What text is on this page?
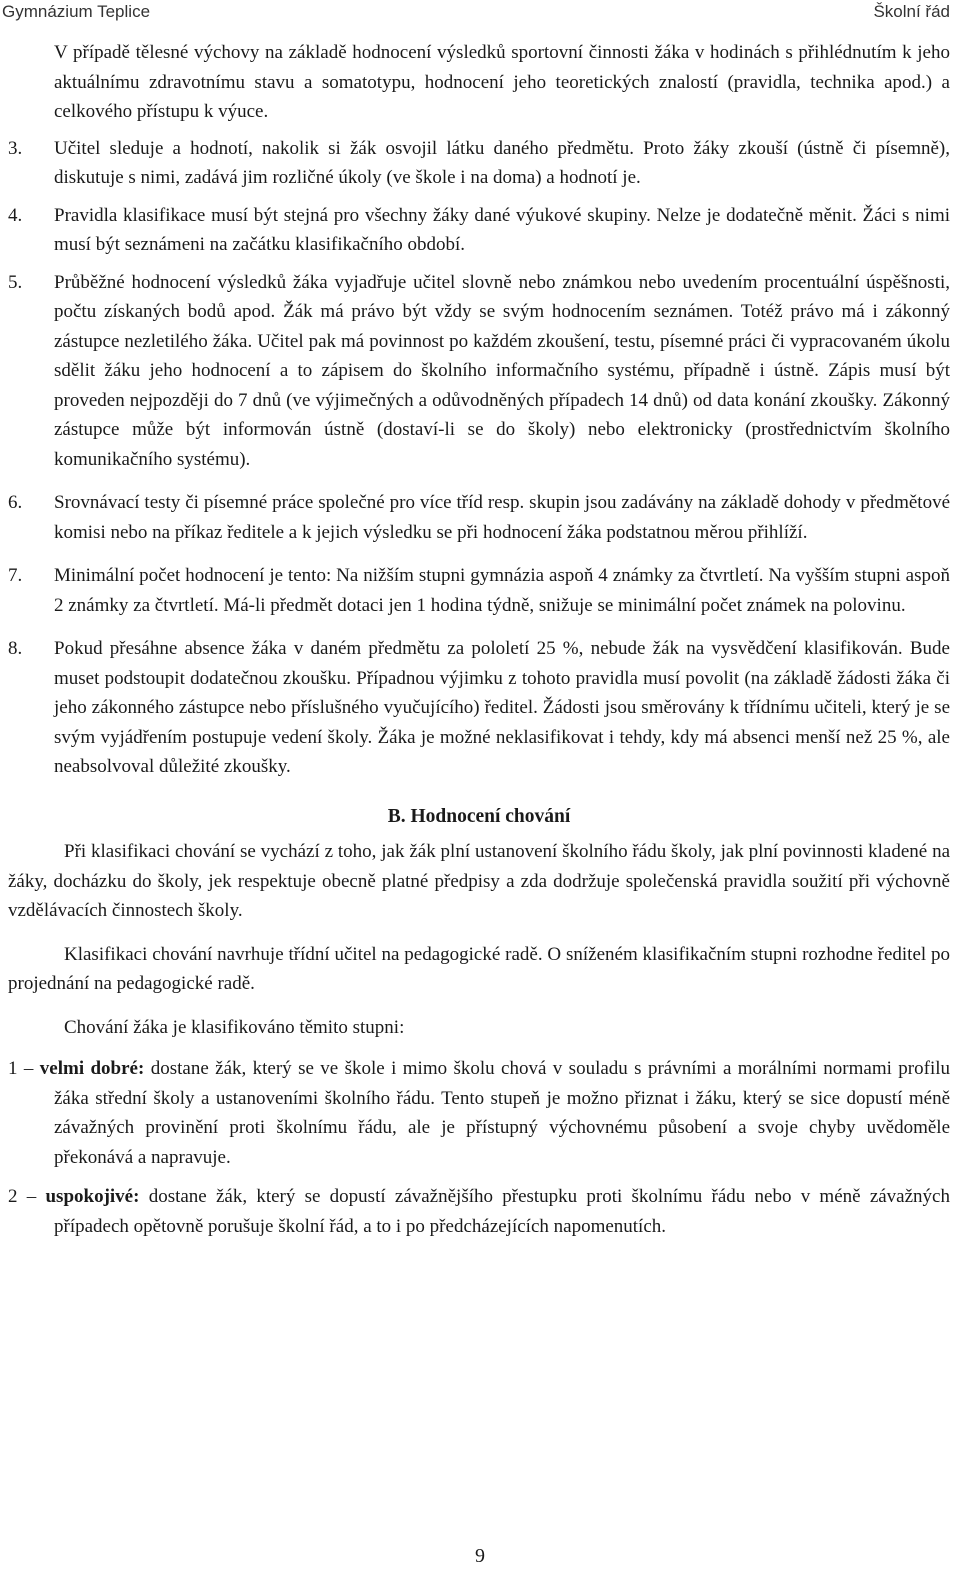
Gymnázium Teplice	Školní řád

V případě tělesné výchovy na základě hodnocení výsledků sportovní činnosti žáka v hodinách s přihlédnutím k jeho aktuálnímu zdravotnímu stavu a somatotypu, hodnocení jeho teoretických znalostí (pravidla, technika apod.) a celkového přístupu k výuce.

3. Učitel sleduje a hodnotí, nakolik si žák osvojil látku daného předmětu. Proto žáky zkouší (ústně či písemně), diskutuje s nimi, zadává jim rozličné úkoly (ve škole i na doma) a hodnotí je.
4. Pravidla klasifikace musí být stejná pro všechny žáky dané výukové skupiny. Nelze je dodatečně měnit. Žáci s nimi musí být seznámeni na začátku klasifikačního období.
5. Průběžné hodnocení výsledků žáka vyjadřuje učitel slovně nebo známkou nebo uvedením procentuální úspěšnosti, počtu získaných bodů apod. Žák má právo být vždy se svým hodnocením seznámen. Totéž právo má i zákonný zástupce nezletilého žáka. Učitel pak má povinnost po každém zkoušení, testu, písemné práci či vypracovaném úkolu sdělit žáku jeho hodnocení a to zápisem do školního informačního systému, případně i ústně. Zápis musí být proveden nejpozději do 7 dnů (ve výjimečných a odůvodněných případech 14 dnů) od data konání zkoušky. Zákonný zástupce může být informován ústně (dostaví-li se do školy) nebo elektronicky (prostřednictvím školního komunikačního systému).
6. Srovnávací testy či písemné práce společné pro více tříd resp. skupin jsou zadávány na základě dohody v předmětové komisi nebo na příkaz ředitele a k jejich výsledku se při hodnocení žáka podstatnou měrou přihlíží.
7. Minimální počet hodnocení je tento: Na nižším stupni gymnázia aspoň 4 známky za čtvrtletí. Na vyšším stupni aspoň 2 známky za čtvrtletí. Má-li předmět dotaci jen 1 hodina týdně, snižuje se minimální počet známek na polovinu.
8. Pokud přesáhne absence žáka v daném předmětu za pololetí 25 %, nebude žák na vysvědčení klasifikován. Bude muset podstoupit dodatečnou zkoušku. Případnou výjimku z tohoto pravidla musí povolit (na základě žádosti žáka či jeho zákonného zástupce nebo příslušného vyučujícího) ředitel. Žádosti jsou směrovány k třídnímu učiteli, který je se svým vyjádřením postupuje vedení školy. Žáka je možné neklasifikovat i tehdy, kdy má absenci menší než 25 %, ale neabsolvoval důležité zkoušky.
B. Hodnocení chování

Při klasifikaci chování se vychází z toho, jak žák plní ustanovení školního řádu školy, jak plní povinnosti kladené na žáky, docházku do školy, jek respektuje obecně platné předpisy a zda dodržuje společenská pravidla soužití při výchovně vzdělávacích činnostech školy.

Klasifikaci chování navrhuje třídní učitel na pedagogické radě. O sníženém klasifikačním stupni rozhodne ředitel po projednání na pedagogické radě.

Chování žáka je klasifikováno těmito stupni:

1 – velmi dobré: dostane žák, který se ve škole i mimo školu chová v souladu s právními a morálními normami profilu žáka střední školy a ustanoveními školního řádu. Tento stupeň je možno přiznat i žáku, který se sice dopustí méně závažných provinění proti školnímu řádu, ale je přístupný výchovnému působení a svoje chyby uvědoměle překonává a napravuje.
2 – uspokojivé: dostane žák, který se dopustí závažnějšího přestupku proti školnímu řádu nebo v méně závažných případech opětovně porušuje školní řád, a to i po předcházejících napomenutích.
9
